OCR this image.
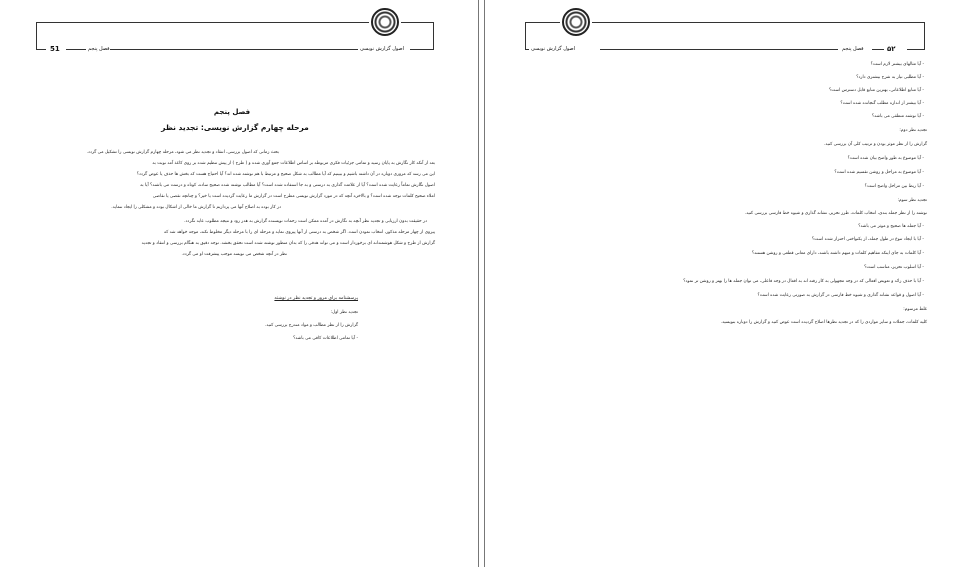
51	فصل پنجم	اصول گزارش نویسی
فصل پنجم
مرحله چهارم گزارش نویسی: تجدید نظر
بحث زمانی که اصول بررسی، انتقاد و تجدید نظر می شود، مرحله چهارم گزارش نویسی را تشکیل می گردد.
بعد از آنکه کار نگارش به پایان رسید و تمامی جزئیات فکری مربوطه بر اساس اطلاعات جمع آوری شده و ( طرح ) از پیش تنظیم شده بر روی کاغذ آمد نوبت به
این می رسد که مروری دوباره در آن داشته باشیم و ببینیم که آیا مطالب به شکل صحیح و مرتبط با هم نوشته شده اند؟ آیا احتیاج هست که بخش ها حذف یا عوض گردد؟
اصول نگارش تماماً رعایت شده است؟ آیا از علامت گذاری به درستی و به جا استفاده شده است؟ آیا مطالب نوشته شده صحیح ساده، کوتاه و درست می باشند؟ آیا به
املاء صحیح کلمات توجه شده است؟ و بالاخره آنچه که در مورد گزارش نویسی مطرح است در گزارش ما رعایت گردیده است یا خیر؟ و چنانچه نقصی یا نقاضی
در کار بوده به اصلاح آنها می پردازیم تا گزارش ما خالی از اشکال بوده و مشکلی را ایجاد ننماید.
در حقیقت بدون ارزیابی و تجدید نظر آنچه به نگارش در آمده ممکن است زحمات نویسنده گزارش به هدر رود و نتیجه مطلوب عاید نگردد.
پیروی از چهار مرحله مذکور، انتخاب نمودن است. اگر شخص به درستی از آنها پیروی نماید و مرحله ای را با مرحله دیگر مخلوط نکند، موجه خواهد شد که
گزارش از طرح و شکل هوشمندانه ای برخوردار است و می تواند هدفی را که بدان منظور نوشته شده است تحقق بخشد. توجه دقیق به هنگام بررسی و انتقاد و تجدید
نظر در آنچه شخص می نویسد موجب پیشرفت او می گردد.
پرسشنامه برای مرور و تجدید نظر در نوشته
تجدید نظر اول:
گزارش را از نظر مطالب و مواد مندرج بررسی کنید.
- آیا تمامی اطلاعات کافی می باشد؟
اصول گزارش نویسی	فصل پنجم	۵۲
- آیا مثالهای بیشتر لازم است؟
- آیا مطلبی نیاز به شرح بیشتری دارد؟
- آیا منابع اطلاعاتی، بهترین منابع قابل دسترس است؟
- آیا بیشتر از اندازه مطلب گنجانده شده است؟
- آیا نوشته منطقی می باشد؟
تجدید نظر دوم:
گزارش را از نظر موثر بودن و ترتیب کلی آن بررسی کنید.
- آیا موضوع به طور واضح بیان شده است؟
- آیا موضوع به مراحل و روشن تقسیم شده است؟
- آیا ربط بین مراحل واضح است؟
تجدید نظر سوم:
نوشته را از نظر جمله بندی، انتخاب کلمات، طرز تحریر، نشانه گذاری و شیوه خط فارسی بررسی کنید.
- آیا جمله ها صحیح و موثر می باشد؟
- آیا با ایجاد تنوع در طول جمله، از یکنواختی احتراز شده است؟
- آیا کلمات به جای اینکه مفاهیم کلمات و مبهم داشته باشند، دارای معانی قطعی و روشن هستند؟
- آیا اسلوب تحریر، مناسب است؟
- آیا با حذف زائد و تعویض افعالی که در وجه مجهولی به کار رفته اند به افعال در وجه فاعلی، می توان جمله ها را بهتر و روشن تر نمود؟
- آیا اصول و قواعد نشانه گذاری و شیوه خط فارسی در گزارش به صورتی رعایت شده است؟
غلط مرسوم:
کلیه کلمات، جملات و سایر مواردی را که در تجدید نظرها اصلاح گردیده است عوض کنید و گزارش را دوباره بنویسید.
